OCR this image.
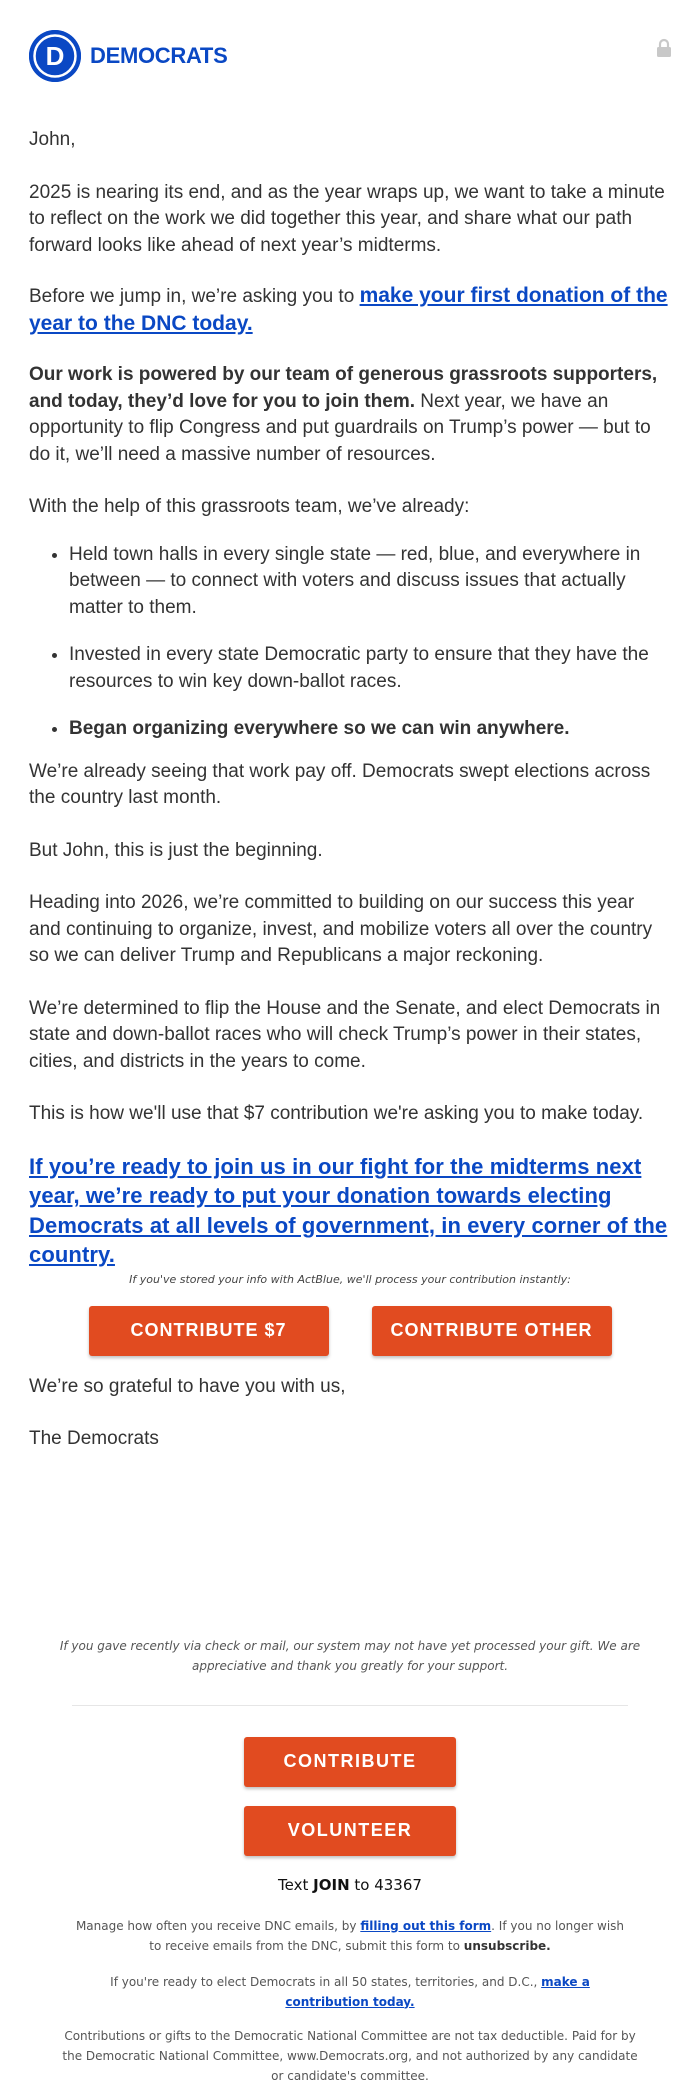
D DEMOCRATS

John,

2025 is nearing its end, and as the year wraps up, we want to take a minute to reflect on the work we did together this year, and share what our path forward looks like ahead of next year’s midterms.

Before we jump in, we’re asking you to make your first donation of the year to the DNC today.

Our work is powered by our team of generous grassroots supporters, and today, they’d love for you to join them. Next year, we have an opportunity to flip Congress and put guardrails on Trump’s power — but to do it, we’ll need a massive number of resources.

With the help of this grassroots team, we’ve already:

• Held town halls in every single state — red, blue, and everywhere in between — to connect with voters and discuss issues that actually matter to them.
• Invested in every state Democratic party to ensure that they have the resources to win key down-ballot races.
• Began organizing everywhere so we can win anywhere.

We’re already seeing that work pay off. Democrats swept elections across the country last month.

But John, this is just the beginning.

Heading into 2026, we’re committed to building on our success this year and continuing to organize, invest, and mobilize voters all over the country so we can deliver Trump and Republicans a major reckoning.

We’re determined to flip the House and the Senate, and elect Democrats in state and down-ballot races who will check Trump’s power in their states, cities, and districts in the years to come.

This is how we'll use that $7 contribution we're asking you to make today.

If you’re ready to join us in our fight for the midterms next year, we’re ready to put your donation towards electing Democrats at all levels of government, in every corner of the country.
If you've stored your info with ActBlue, we'll process your contribution instantly:
CONTRIBUTE $7	CONTRIBUTE OTHER

We’re so grateful to have you with us,

The Democrats

If you gave recently via check or mail, our system may not have yet processed your gift. We are appreciative and thank you greatly for your support.
CONTRIBUTE
VOLUNTEER
Text JOIN to 43367
Manage how often you receive DNC emails, by filling out this form. If you no longer wish to receive emails from the DNC, submit this form to unsubscribe.
If you're ready to elect Democrats in all 50 states, territories, and D.C., make a contribution today.
Contributions or gifts to the Democratic National Committee are not tax deductible. Paid for by the Democratic National Committee, www.Democrats.org, and not authorized by any candidate or candidate's committee.
